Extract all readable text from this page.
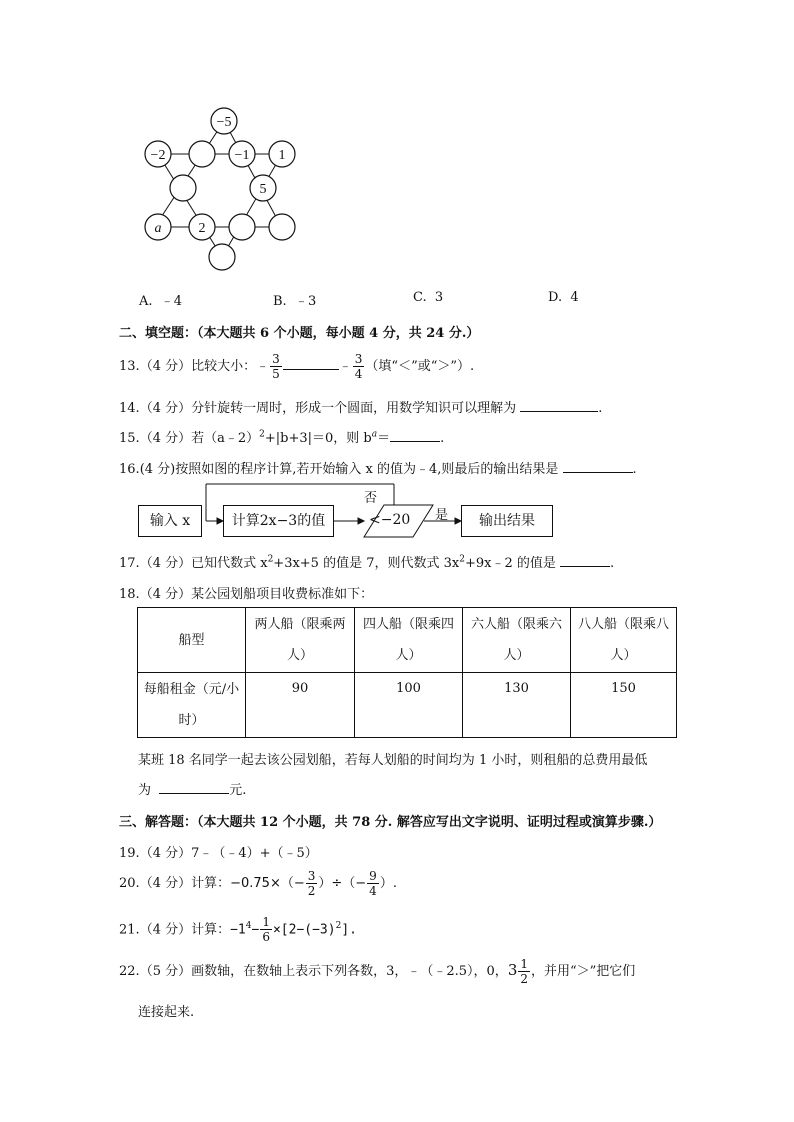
−5
−2	−1 1
5
a	2
A. ﹣4	B. ﹣3	C. 3	D. 4
二、填空题：（本大题共 6 个小题，每小题 4 分，共 24 分.）
13.（4 分）比较大小：﹣ $\frac{3}{5}$	﹣ $\frac{3}{4}$ （填“＜”或“＞”）.
14.（4 分）分针旋转一周时，形成一个圆面，用数学知识可以理解为	.
15.（4 分）若（a﹣2）$^2$+|b+3|＝0，则 $b^a=$	.
16.(4 分)按照如图的程序计算,若开始输入 x 的值为﹣4,则最后的输出结果是	.
输入 x	计算2x−3的值	<−20
否
是	输出结果
17.（4 分）已知代数式 $x^2+3x+5$ 的值是 7，则代数式 $3x^2+9x﹣2$ 的值是	.
18.（4 分）某公园划船项目收费标准如下：
船型	两人船（限乘两
人）	四人船（限乘四
人）	六人船（限乘六
人）	八人船（限乘八
人）
每船租金（元/小
时）	90	100	130	150
某班 18 名同学一起去该公园划船，若每人划船的时间均为 1 小时，则租船的总费用最低
为	元.
三、解答题：（本大题共 12 个小题，共 78 分. 解答应写出文字说明、证明过程或演算步骤.）
19.（4 分）7﹣（﹣4）+（﹣5）
20.（4 分）计算：$-0.75\times(- \frac{3}{2}$ ）÷（− $\frac{9}{4}$ ）.
21.（4 分）计算：$-1^4- \frac{1}{6} \times[2-(-3)^2]$.
22.（5 分）画数轴，在数轴上表示下列各数，3，﹣（﹣2.5），0，$3 \frac{1}{2}$ ，并用“＞”把它们
连接起来.
